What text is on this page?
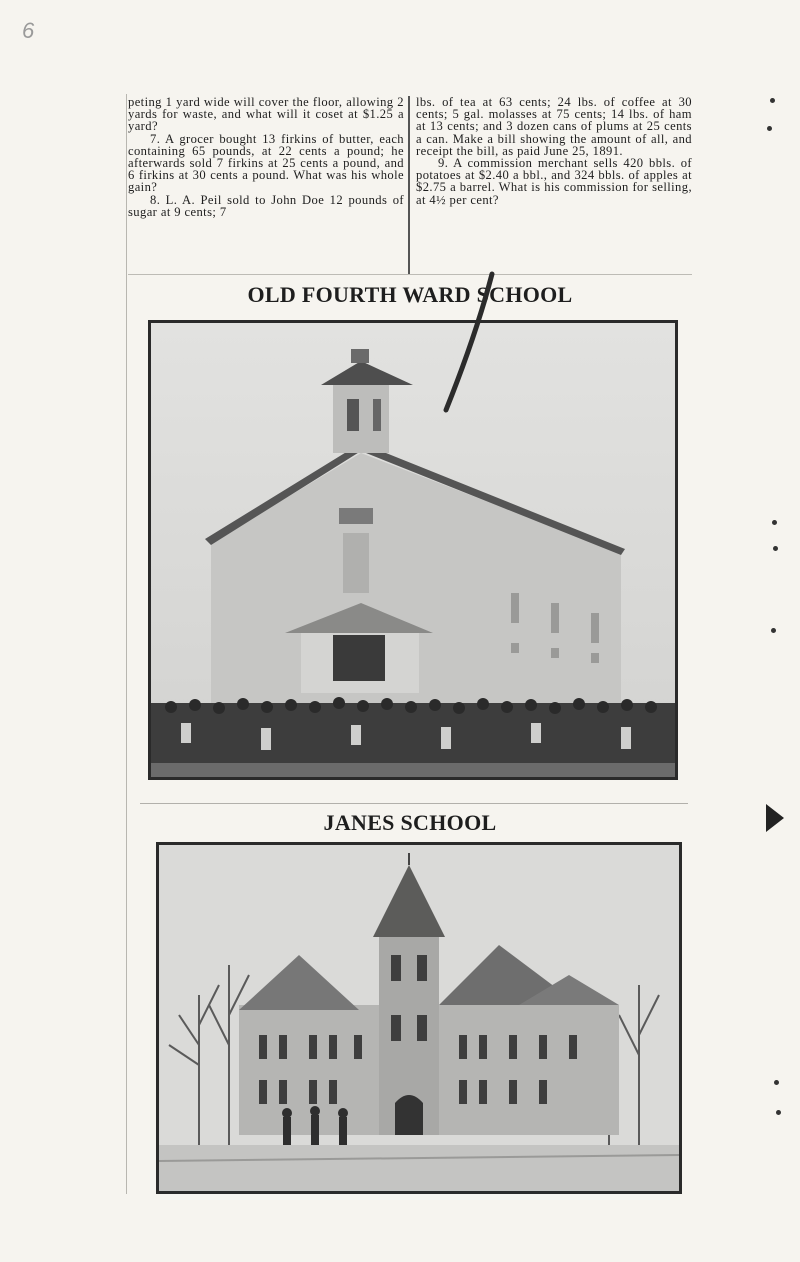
6

peting 1 yard wide will cover the floor, allowing 2 yards for waste, and what will it coset at $1.25 a yard?

7. A grocer bought 13 firkins of butter, each containing 65 pounds, at 22 cents a pound; he afterwards sold 7 firkins at 25 cents a pound, and 6 firkins at 30 cents a pound. What was his whole gain?

8. L. A. Peil sold to John Doe 12 pounds of sugar at 9 cents; 7

lbs. of tea at 63 cents; 24 lbs. of coffee at 30 cents; 5 gal. molasses at 75 cents; 14 lbs. of ham at 13 cents; and 3 dozen cans of plums at 25 cents a can. Make a bill showing the amount of all, and receipt the bill, as paid June 25, 1891.

9. A commission merchant sells 420 bbls. of potatoes at $2.40 a bbl., and 324 bbls. of apples at $2.75 a barrel. What is his commission for selling, at 4½ per cent?

OLD FOURTH WARD SCHOOL
JANES SCHOOL
